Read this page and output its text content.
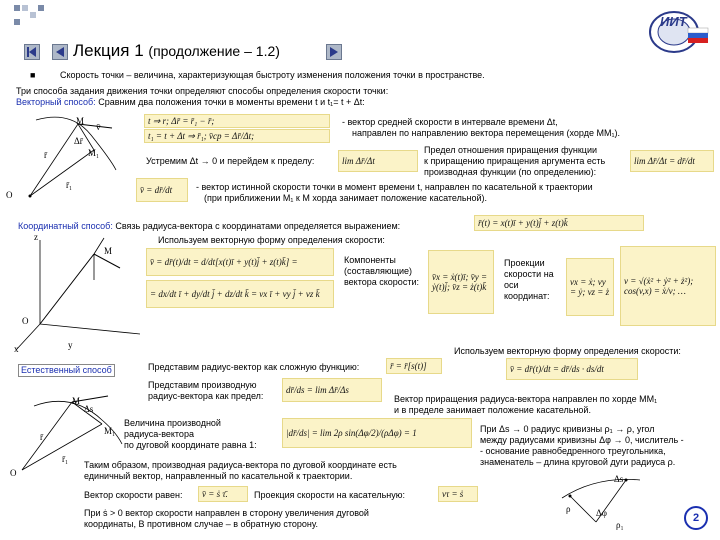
Лекция 1 (продолжение – 1.2)
ИИТ
■	Скорость точки – величина, характеризующая быстроту изменения положения точки в пространстве.
Три способа задания движения точки определяют способы определения скорости точки:
Векторный способ: Сравним два положения точки в моменты времени t и t₁= t + Δt:
M
M₁
O
r̄
r̄₁
Δr̄
v̄
t ⇒ r; Δr̄ = r̄₁ − r̄;
t₁ = t + Δt ⇒ r̄₁; v̄ср = Δr̄/Δt;
- вектор средней скорости в интервале времени Δt,
направлен по направлению вектора перемещения (хорде MM₁).
Предел отношения приращения функции
к приращению приращения аргумента есть
производная функции (по определению):
Устремим Δt → 0 и перейдем к пределу:	lim Δr̄/Δt	lim Δr̄/Δt = dr̄/dt
v̄ = dr̄/dt	- вектор истинной скорости точки в момент времени t, направлен по касательной к траектории
(при приближении M₁ к M хорда занимает положение касательной).
Координатный способ: Связь радиуса-вектора с координатами определяется выражением:	r̄(t) = x(t)ī + y(t)j̄ + z(t)k̄
Используем векторную форму определения скорости:
M
O
x	y
z
v̄ = dr̄(t)/dt = d/dt[x(t)ī + y(t)j̄ + z(t)k̄] =
= dx/dt ī + dy/dt j̄ + dz/dt k̄ = vx ī + vy j̄ + vz k̄
Компоненты (составляющие) вектора скорости:	v̄x = ẋ(t)ī; v̄y = ẏ(t)j̄; v̄z = ż(t)k̄
Проекции скорости на оси координат:
vx = ẋ; vy = ẏ; vz = ż
v = √(ẋ² + ẏ² + ż²); cos(v,x) = ẋ/v; …
Используем векторную форму определения скорости:
Естественный способ	Представим радиус-вектор как сложную функцию:	r̄ = r̄[s(t)]	v̄ = dr̄(t)/dt = dr̄/ds · ds/dt
Представим производную
радиус-вектора как предел:
dr̄/ds = lim Δr̄/Δs
Вектор приращения радиуса-вектора направлен по хорде MM₁
и в пределе занимает положение касательной.
M
M₁
O
Δs
r̄
r̄₁
Величина производной
радиуса-вектора
по дуговой координате равна 1:
|dr̄/ds| = lim 2ρ sin(Δφ/2)/(ρΔφ) = 1	При Δs → 0 радиус кривизны ρ₁ → ρ, угол
между радиусами кривизны Δφ → 0, числитель -
- основание равнобедренного треугольника,
знаменатель – длина круговой дуги радиуса ρ.
Таким образом, производная радиуса-вектора по дуговой координате есть
единичный вектор, направленный по касательной к траектории.
Вектор скорости равен:	v̄ = ṡ τ̄.	Проекция скорости на касательную:	vτ = ṡ
При ṡ > 0 вектор скорости направлен в сторону увеличения дуговой
координаты, В противном случае – в обратную сторону.
Δs
Δφ
ρ
ρ₁
2
